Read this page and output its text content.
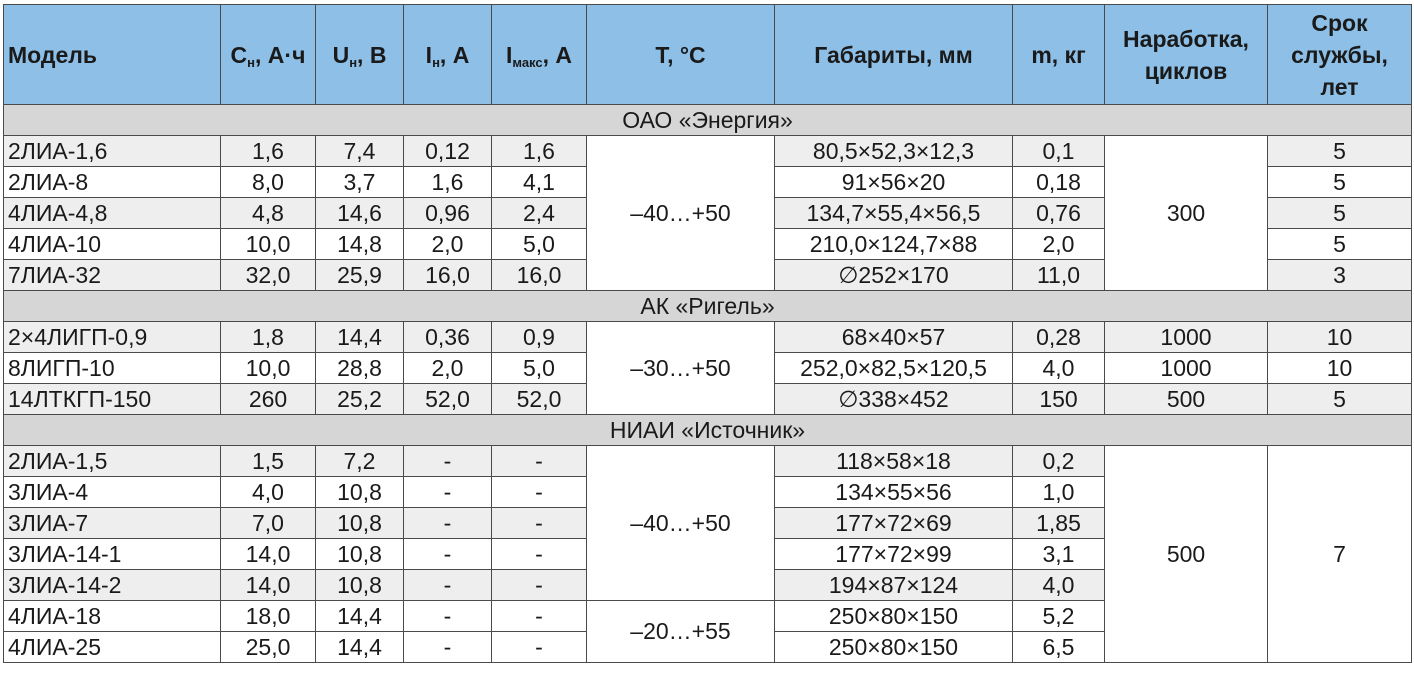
Модель	$C_н$, А·ч	$U_н$, В	$I_н$, А	$I_{макс}$, А	Т, °С	Габариты, мм	m, кг	Наработка, циклов	Срок службы, лет
ОАО «Энергия»									
2ЛИА-1,6	1,6	7,4	0,12	1,6	–40…+50	80,5×52,3×12,3	0,1	300	5
2ЛИА-8	8,0	3,7	1,6	4,1		91×56×20	0,18		5
4ЛИА-4,8	4,8	14,6	0,96	2,4		134,7×55,4×56,5	0,76		5
4ЛИА-10	10,0	14,8	2,0	5,0		210,0×124,7×88	2,0		5
7ЛИА-32	32,0	25,9	16,0	16,0		∅252×170	11,0		3
АК «Ригель»									
2×4ЛИГП-0,9	1,8	14,4	0,36	0,9	–30…+50	68×40×57	0,28	1000	10
8ЛИГП-10	10,0	28,8	2,0	5,0		252,0×82,5×120,5	4,0	1000	10
14ЛТКГП-150	260	25,2	52,0	52,0		∅338×452	150	500	5
НИАИ «Источник»									
2ЛИА-1,5	1,5	7,2	-	-	–40…+50	118×58×18	0,2	500	7
3ЛИА-4	4,0	10,8	-	-		134×55×56	1,0		
3ЛИА-7	7,0	10,8	-	-		177×72×69	1,85		
3ЛИА-14-1	14,0	10,8	-	-		177×72×99	3,1		
3ЛИА-14-2	14,0	10,8	-	-		194×87×124	4,0		
4ЛИА-18	18,0	14,4	-	-	–20…+55	250×80×150	5,2		
4ЛИА-25	25,0	14,4	-	-		250×80×150	6,5		
